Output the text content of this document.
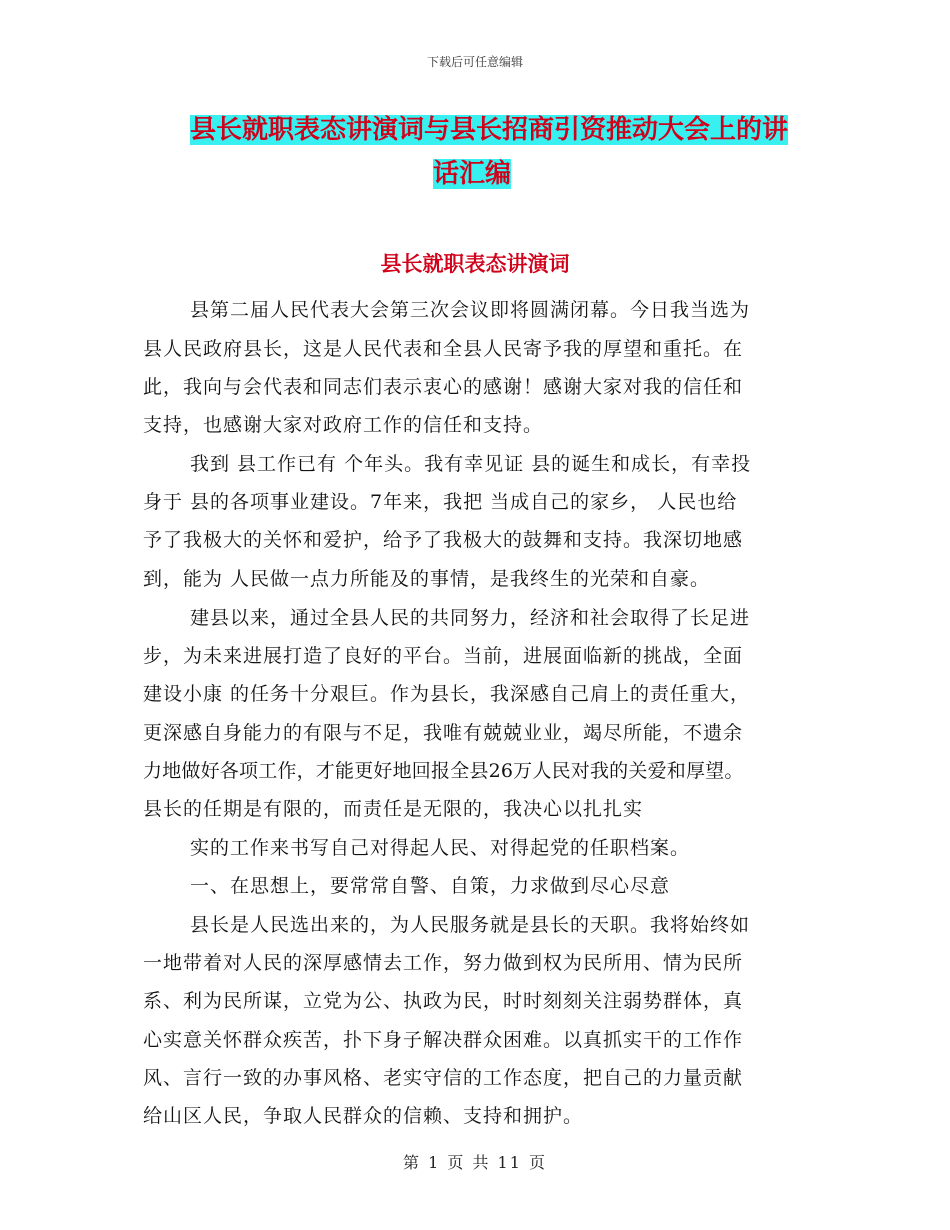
下载后可任意编辑
县长就职表态讲演词与县长招商引资推动大会上的讲
话汇编
县长就职表态讲演词
县第二届人民代表大会第三次会议即将圆满闭幕。今日我当选为
县人民政府县长，这是人民代表和全县人民寄予我的厚望和重托。在
此，我向与会代表和同志们表示衷心的感谢！感谢大家对我的信任和
支持，也感谢大家对政府工作的信任和支持。
我到 县工作已有 个年头。我有幸见证 县的诞生和成长，有幸投
身于 县的各项事业建设。7年来，我把 当成自己的家乡， 人民也给
予了我极大的关怀和爱护，给予了我极大的鼓舞和支持。我深切地感
到，能为 人民做一点力所能及的事情，是我终生的光荣和自豪。
建县以来，通过全县人民的共同努力，经济和社会取得了长足进
步，为未来进展打造了良好的平台。当前，进展面临新的挑战，全面
建设小康 的任务十分艰巨。作为县长，我深感自己肩上的责任重大，
更深感自身能力的有限与不足，我唯有兢兢业业，竭尽所能，不遗余
力地做好各项工作，才能更好地回报全县26万人民对我的关爱和厚望。
县长的任期是有限的，而责任是无限的，我决心以扎扎实
实的工作来书写自己对得起人民、对得起党的任职档案。
一、在思想上，要常常自警、自策，力求做到尽心尽意
县长是人民选出来的，为人民服务就是县长的天职。我将始终如
一地带着对人民的深厚感情去工作，努力做到权为民所用、情为民所
系、利为民所谋，立党为公、执政为民，时时刻刻关注弱势群体，真
心实意关怀群众疾苦，扑下身子解决群众困难。以真抓实干的工作作
风、言行一致的办事风格、老实守信的工作态度，把自己的力量贡献
给山区人民，争取人民群众的信赖、支持和拥护。
第 1 页 共 11 页
